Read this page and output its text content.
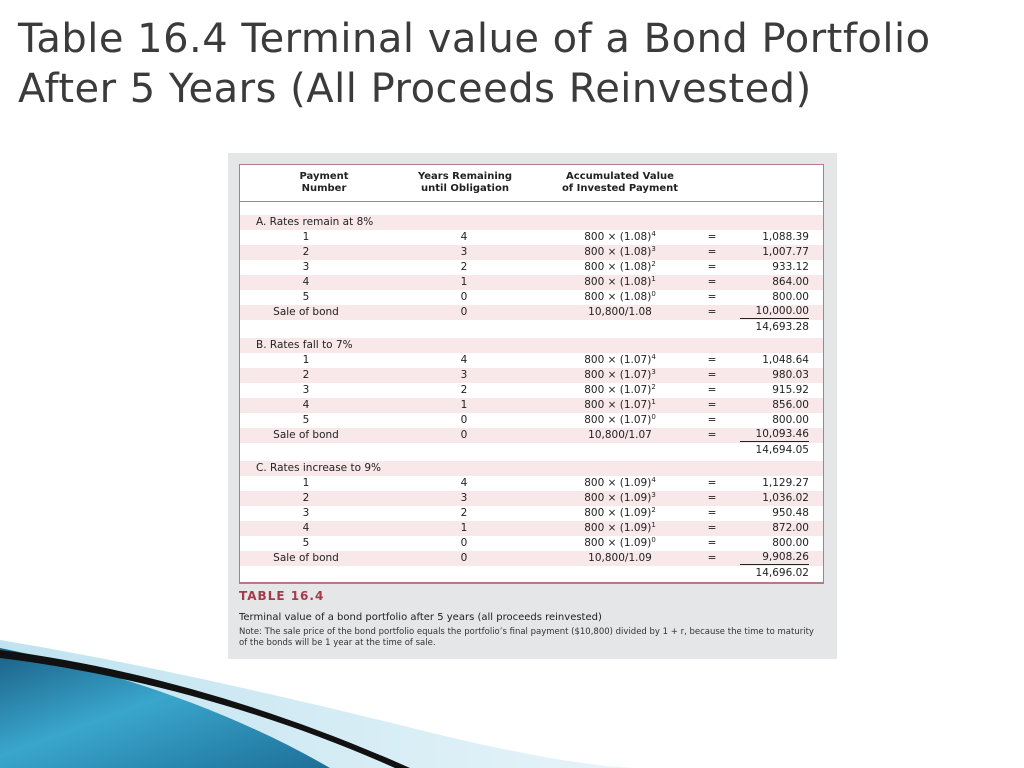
Table 16.4 Terminal value of a Bond Portfolio
After 5 Years (All Proceeds Reinvested)
Payment
Number
Years Remaining
until Obligation
Accumulated Value
of Invested Payment
A. Rates remain at 8%
1	4	$800 \times (1.08)^4$	=	1,088.39
2	3	$800 \times (1.08)^3$	=	1,007.77
3	2	$800 \times (1.08)^2$	=	933.12
4	1	$800 \times (1.08)^1$	=	864.00
5	0	$800 \times (1.08)^0$	=	800.00
Sale of bond	0	10,800/1.08	=	10,000.00
14,693.28
B. Rates fall to 7%
1	4	$800 \times (1.07)^4$	=	1,048.64
2	3	$800 \times (1.07)^3$	=	980.03
3	2	$800 \times (1.07)^2$	=	915.92
4	1	$800 \times (1.07)^1$	=	856.00
5	0	$800 \times (1.07)^0$	=	800.00
Sale of bond	0	10,800/1.07	=	10,093.46
14,694.05
C. Rates increase to 9%
1	4	$800 \times (1.09)^4$	=	1,129.27
2	3	$800 \times (1.09)^3$	=	1,036.02
3	2	$800 \times (1.09)^2$	=	950.48
4	1	$800 \times (1.09)^1$	=	872.00
5	0	$800 \times (1.09)^0$	=	800.00
Sale of bond	0	10,800/1.09	=	9,908.26
14,696.02
TABLE 16.4
Terminal value of a bond portfolio after 5 years (all proceeds reinvested)
Note: The sale price of the bond portfolio equals the portfolio’s final payment ($10,800) divided by 1 + r, because the time to maturity of the bonds will be 1 year at the time of sale.
